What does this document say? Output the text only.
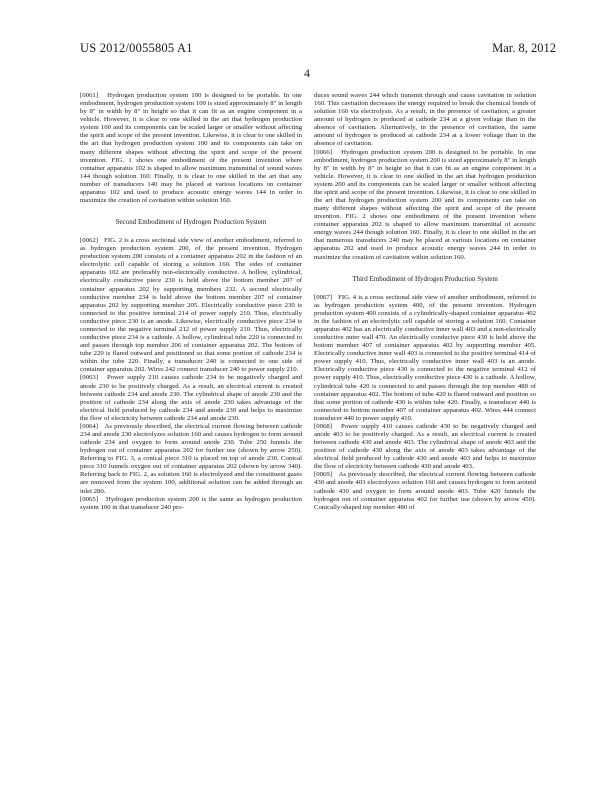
US 2012/0055805 A1	Mar. 8, 2012
4

[0061]   Hydrogen production system 100 is designed to be portable. In one embodiment, hydrogen production system 100 is sized approximately 8" in length by 8" in width by 8" in height so that it can fit as an engine component in a vehicle. However, it is clear to one skilled in the art that hydrogen production system 100 and its components can be scaled larger or smaller without affecting the spirit and scope of the present invention. Likewise, it is clear to one skilled in the art that hydrogen production system 100 and its components can take on many different shapes without affecting the spirit and scope of the present invention. FIG. 1 shows one embodiment of the present invention where container apparatus 102 is shaped to allow maximum transmittal of sound waves 144 though solution 160. Finally, it is clear to one skilled in the art that any number of transducers 140 may be placed at various locations on container apparatus 102 and used to produce acoustic energy waves 144 in order to maximize the creation of cavitation within solution 160.

Second Embodiment of Hydrogen Production System

[0062]   FIG. 2 is a cross sectional side view of another embodiment, referred to as hydrogen production system 200, of the present invention. Hydrogen production system 200 consists of a container apparatus 202 in the fashion of an electrolytic cell capable of storing a solution 160. The sides of container apparatus 102 are preferably non-electrically conductive. A hollow, cylindrical, electrically conductive piece 230 is held above the bottom member 207 of container apparatus 202 by supporting members 232. A second electrically conductive member 234 is held above the bottom member 207 of container apparatus 202 by supporting member 205. Electrically conductive piece 230 is connected to the positive terminal 214 of power supply 210. Thus, electrically conductive piece 230 is an anode. Likewise, electrically conductive piece 234 is connected to the negative terminal 212 of power supply 210. Thus, electrically conductive piece 234 is a cathode. A hollow, cylindrical tube 220 is connected to and passes through top member 206 of container apparatus 202. The bottom of tube 220 is flared outward and positioned so that some portion of cathode 234 is within the tube 220. Finally, a transducer 240 is connected to one side of container apparatus 202. Wires 242 connect transducer 240 to power supply 210.

[0063]   Power supply 210 causes cathode 234 to be negatively charged and anode 230 to be positively charged. As a result, an electrical current is created between cathode 234 and anode 230. The cylindrical shape of anode 230 and the position of cathode 234 along the axis of anode 230 takes advantage of the electrical field produced by cathode 234 and anode 230 and helps to maximize the flow of electricity between cathode 234 and anode 230.

[0064]   As previously described, the electrical current flowing between cathode 234 and anode 230 electrolyzes solution 160 and causes hydrogen to form around cathode 234 and oxygen to form around anode 230. Tube 250 funnels the hydrogen out of container apparatus 202 for further use (shown by arrow 250). Referring to FIG. 3, a conical piece 310 is placed on top of anode 230. Conical piece 310 funnels oxygen out of container apparatus 202 (shown by arrow 340). Referring back to FIG. 2, as solution 160 is electrolyzed and the constituent gases are removed from the system 100, additional solution can be added through an inlet 280.

[0065]   Hydrogen production system 200 is the same as hydrogen production system 100 in that transducer 240 pro-

duces sound waves 244 which transmit through and cause cavitation in solution 160. This cavitation decreases the energy required to break the chemical bonds of solution 160 via electrolysis. As a result, in the presence of cavitation, a greater amount of hydrogen is produced at cathode 234 at a given voltage than in the absence of cavitation. Alternatively, in the presence of cavitation, the same amount of hydrogen is produced at cathode 234 at a lower voltage than in the absence of cavitation.

[0066]   Hydrogen production system 200 is designed to be portable. In one embodiment, hydrogen production system 200 is sized approximately 8" in length by 8" in width by 8" in height so that it can fit as an engine component in a vehicle. However, it is clear to one skilled in the art that hydrogen production system 200 and its components can be scaled larger or smaller without affecting the spirit and scope of the present invention. Likewise, it is clear to one skilled in the art that hydrogen production system 200 and its components can take on many different shapes without affecting the spirit and scope of the present invention. FIG. 2 shows one embodiment of the present invention where container apparatus 202 is shaped to allow maximum transmittal of acoustic energy waves 244 though solution 160. Finally, it is clear to one skilled in the art that numerous transducers 240 may be placed at various locations on container apparatus 202 and used to produce acoustic energy waves 244 in order to maximize the creation of cavitation within solution 160.

Third Embodiment of Hydrogen Production System

[0067]   FIG. 4 is a cross sectional side view of another embodiment, referred to as hydrogen production system 400, of the present invention. Hydrogen production system 400 consists of a cylindrically-shaped container apparatus 402 in the fashion of an electrolytic cell capable of storing a solution 160. Container apparatus 402 has an electrically conductive inner wall 403 and a non-electrically conductive outer wall 470. An electrically conducive piece 430 is held above the bottom member 407 of container apparatus 402 by supporting member 405. Electrically conductive inner wall 403 is connected to the positive terminal 414 of power supply 410. Thus, electrically conductive inner wall 403 is an anode. Electrically conductive piece 430 is connected to the negative terminal 412 of power supply 410. Thus, electrically conductive piece 430 is a cathode. A hollow, cylindrical tube 420 is connected to and passes through the top member 480 of container apparatus 402. The bottom of tube 420 is flared outward and position so that some portion of cathode 430 is within tube 420. Finally, a transducer 440 is connected to bottom member 407 of container apparatus 402. Wires 444 connect transducer 440 to power supply 410.

[0068]   Power supply 410 causes cathode 430 to be negatively charged and anode 403 to be positively charged. As a result, an electrical current is created between cathode 430 and anode 403. The cylindrical shape of anode 403 and the position of cathode 430 along the axis of anode 403 takes advantage of the electrical field produced by cathode 430 and anode 403 and helps to maximize the flow of electricity between cathode 430 and anode 403.

[0069]   As previously described, the electrical current flowing between cathode 430 and anode 403 electrolyzes solution 160 and causes hydrogen to form around cathode 430 and oxygen to form around anode 403. Tube 420 funnels the hydrogen out of container apparatus 402 for further use (shown by arrow 450). Conically-shaped top member 480 of
